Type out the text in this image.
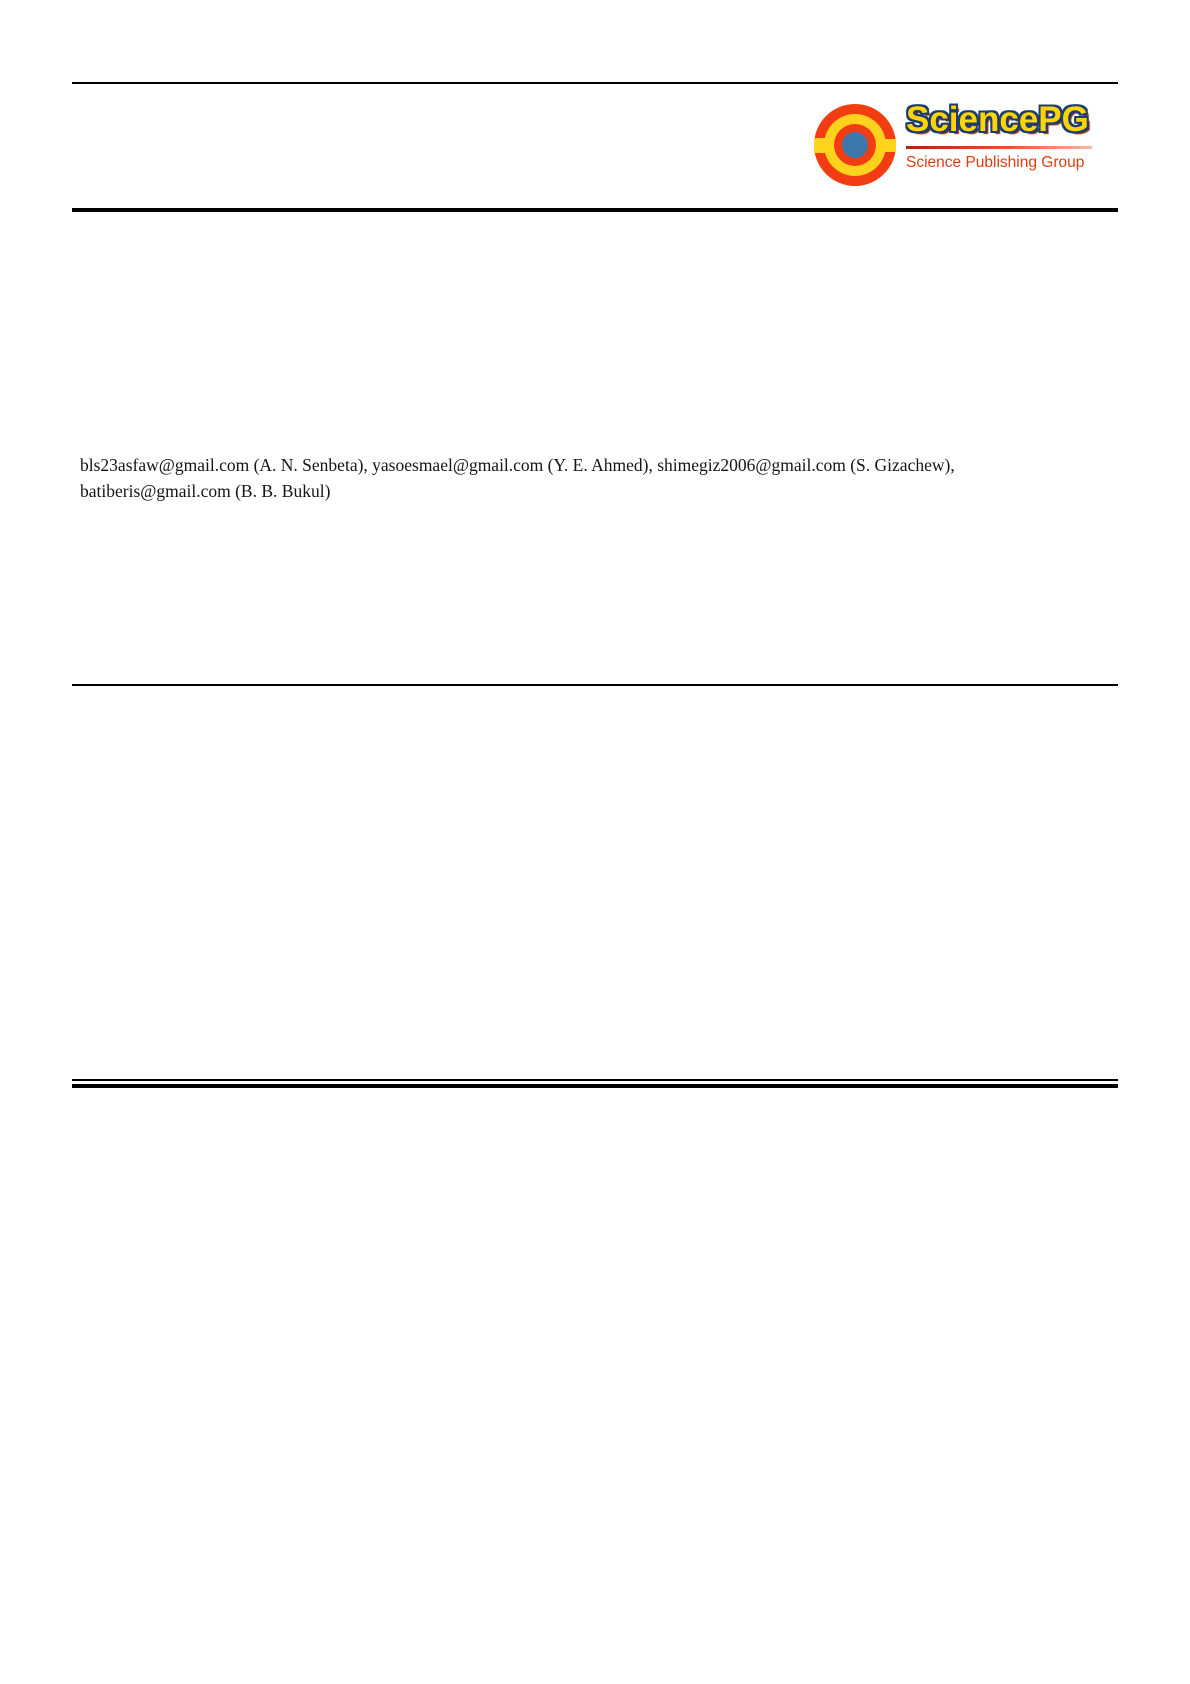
SciencePG
Science Publishing Group
bls23asfaw@gmail.com (A. N. Senbeta), yasoesmael@gmail.com (Y. E. Ahmed), shimegiz2006@gmail.com (S. Gizachew),
batiberis@gmail.com (B. B. Bukul)
